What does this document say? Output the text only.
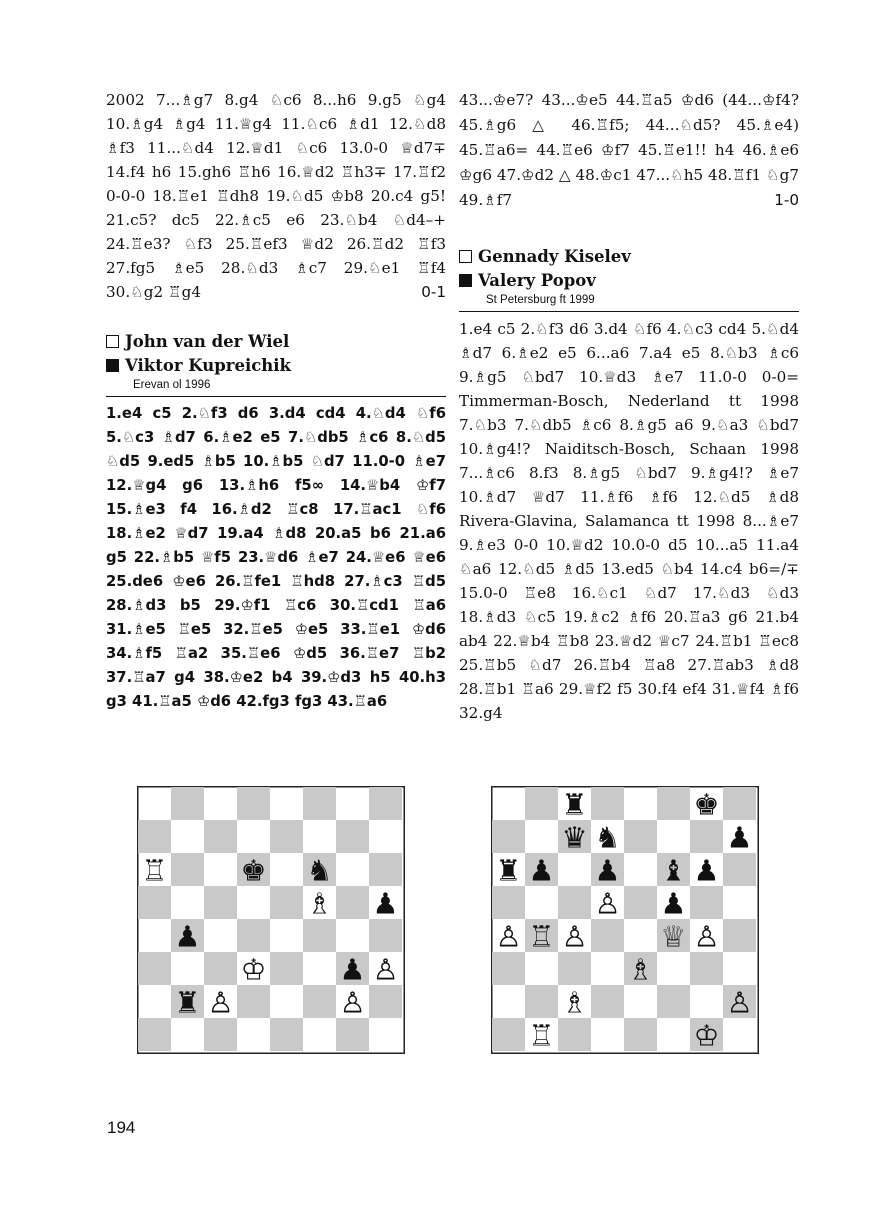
2002 7...♗g7 8.g4 ♘c6 8...h6 9.g5 ♘g4 10.♗g4 ♗g4 11.♕g4 11.♘c6 ♗d1 12.♘d8 ♗f3 11...♘d4 12.♕d1 ♘c6 13.0-0 ♕d7∓ 14.f4 h6 15.gh6 ♖h6 16.♕d2 ♖h3∓ 17.♖f2 0-0-0 18.♖e1 ♖dh8 19.♘d5 ♔b8 20.c4 g5! 21.c5? dc5 22.♗c5 e6 23.♘b4 ♘d4–+ 24.♖e3? ♘f3 25.♖ef3 ♕d2 26.♖d2 ♖f3 27.fg5 ♗e5 28.♘d3 ♗c7 29.♘e1 ♖f4 30.♘g2 ♖g4	0-1

John van der Wiel
Viktor Kupreichik
Erevan ol 1996

1.e4 c5 2.♘f3 d6 3.d4 cd4 4.♘d4 ♘f6 5.♘c3 ♗d7 6.♗e2 e5 7.♘db5 ♗c6 8.♘d5 ♘d5 9.ed5 ♗b5 10.♗b5 ♘d7 11.0-0 ♗e7 12.♕g4 g6 13.♗h6 f5∞ 14.♕b4 ♔f7 15.♗e3 f4 16.♗d2 ♖c8 17.♖ac1 ♘f6 18.♗e2 ♕d7 19.a4 ♗d8 20.a5 b6 21.a6 g5 22.♗b5 ♕f5 23.♕d6 ♗e7 24.♕e6 ♕e6 25.de6 ♔e6 26.♖fe1 ♖hd8 27.♗c3 ♖d5 28.♗d3 b5 29.♔f1 ♖c6 30.♖cd1 ♖a6 31.♗e5 ♖e5 32.♖e5 ♔e5 33.♖e1 ♔d6 34.♗f5 ♖a2 35.♖e6 ♔d5 36.♖e7 ♖b2 37.♖a7 g4 38.♔e2 b4 39.♔d3 h5 40.h3 g3 41.♖a5 ♔d6 42.fg3 fg3 43.♖a6

43...♔e7? 43...♔e5 44.♖a5 ♔d6 (44...♔f4? 45.♗g6 △ 46.♖f5; 44...♘d5? 45.♗e4) 45.♖a6= 44.♖e6 ♔f7 45.♖e1!! h4 46.♗e6 ♔g6 47.♔d2 △ 48.♔c1 47...♘h5 48.♖f1 ♘g7 49.♗f7	1-0

Gennady Kiselev
Valery Popov
St Petersburg ft 1999

1.e4 c5 2.♘f3 d6 3.d4 ♘f6 4.♘c3 cd4 5.♘d4 ♗d7 6.♗e2 e5 6...a6 7.a4 e5 8.♘b3 ♗c6 9.♗g5 ♘bd7 10.♕d3 ♗e7 11.0-0 0-0= Timmerman-Bosch, Nederland tt 1998 7.♘b3 7.♘db5 ♗c6 8.♗g5 a6 9.♘a3 ♘bd7 10.♗g4!? Naiditsch-Bosch, Schaan 1998 7...♗c6 8.f3 8.♗g5 ♘bd7 9.♗g4!? ♗e7 10.♗d7 ♕d7 11.♗f6 ♗f6 12.♘d5 ♗d8 Rivera-Glavina, Salamanca tt 1998 8...♗e7 9.♗e3 0-0 10.♕d2 10.0-0 d5 10...a5 11.a4 ♘a6 12.♘d5 ♗d5 13.ed5 ♘b4 14.c4 b6=/∓ 15.0-0 ♖e8 16.♘c1 ♘d7 17.♘d3 ♘d3 18.♗d3 ♘c5 19.♗c2 ♗f6 20.♖a3 g6 21.b4 ab4 22.♕b4 ♖b8 23.♕d2 ♕c7 24.♖b1 ♖ec8 25.♖b5 ♘d7 26.♖b4 ♖a8 27.♖ab3 ♗d8 28.♖b1 ♖a6 29.♕f2 f5 30.f4 ef4 31.♕f4 ♗f6 32.g4

♖	♚ ♞
♗ ♟
♟
♔	♟ ♙
♜ ♙	♙
♜	♚
♛ ♞	♟
♜ ♟ ♟ ♝ ♟
♙ ♟
♙ ♖ ♙	♕ ♙
♗
♗	♙
♖	♔
194
